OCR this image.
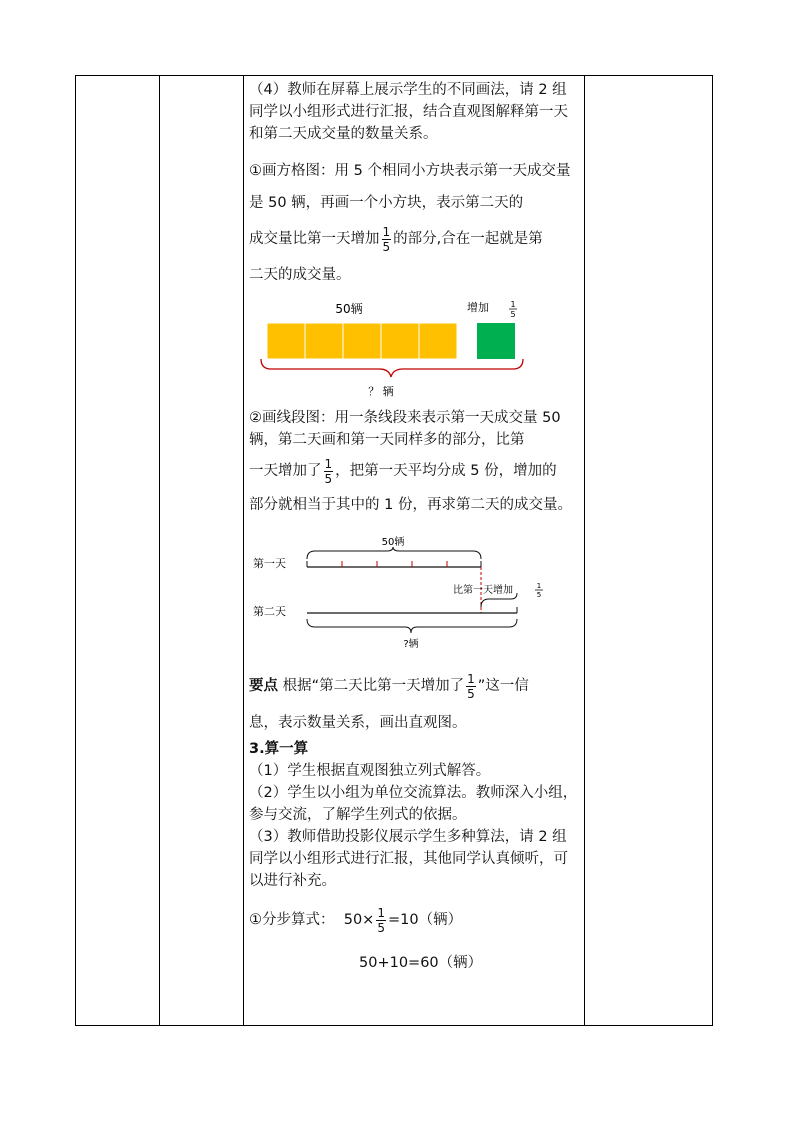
（4）教师在屏幕上展示学生的不同画法，请 2 组同学以小组形式进行汇报，结合直观图解释第一天和第二天成交量的数量关系。

①画方格图：用 5 个相同小方块表示第一天成交量是 50 辆，再画一个小方块，表示第二天的

成交量比第一天增加 $\frac{1}{5}$ 的部分,合在一起就是第

二天的成交量。

50辆	增加	1
5
？ 辆

②画线段图：用一条线段来表示第一天成交量 50 辆，第二天画和第一天同样多的部分，比第

一天增加了 $\frac{1}{5}$ ，把第一天平均分成 5 份，增加的

部分就相当于其中的 1 份，再求第二天的成交量。

50辆
第一天
比第一天增加	1
5
第二天
?辆

要点 根据“第二天比第一天增加了 $\frac{1}{5}$ ”这一信

息，表示数量关系，画出直观图。

3.算一算

（1）学生根据直观图独立列式解答。

（2）学生以小组为单位交流算法。教师深入小组，参与交流，了解学生列式的依据。

（3）教师借助投影仪展示学生多种算法，请 2 组同学以小组形式进行汇报，其他同学认真倾听，可以进行补充。

①分步算式： $50\times \frac{1}{5} =10$（辆）

50+10=60（辆）
